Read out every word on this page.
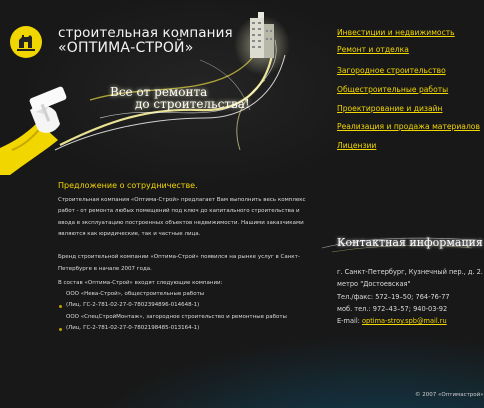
строительная компания
«ОПТИМА-СТРОЙ»
Все от ремонта
до строительства!
Инвестиции и недвижимость
Ремонт и отделка
Загородное строительство
Общестроительные работы
Проектирование и дизайн
Реализация и продажа материалов
Лицензии
Предложение о сотрудничестве.
Строительная компания «Оптима-Строй» предлагает Вам выполнить весь комплекс
работ - от ремонта любых помещений под ключ до капитального строительства и
ввода в эксплуатацию построенных объектов недвижимости. Нашими заказчиками
являются как юридические, так и частные лица.
Бренд строительной компании «Оптима-Строй» появился на рынке услуг в Санкт-
Петербурге в начале 2007 года.
В состав «Оптима-Строй» входят следующие компании:
ООО «Нева-Строй», общестроительные работы
(Лиц. ГС-2-781-02-27-0-7802394896-014648-1)
ООО «СпецСтройМонтаж», загородное строительство и ремонтные работы
(Лиц. ГС-2-781-02-27-0-7802198485-013164-1)
Контактная информация
г. Санкт-Петербург, Кузнечный пер., д. 2.
метро "Достоевская"
Тел./факс: 572–19–50; 764-76-77
моб. тел.: 972–43–57; 940-03-92
E-mail: optima-stroy.spb@mail.ru
© 2007 «Оптимастрой»
